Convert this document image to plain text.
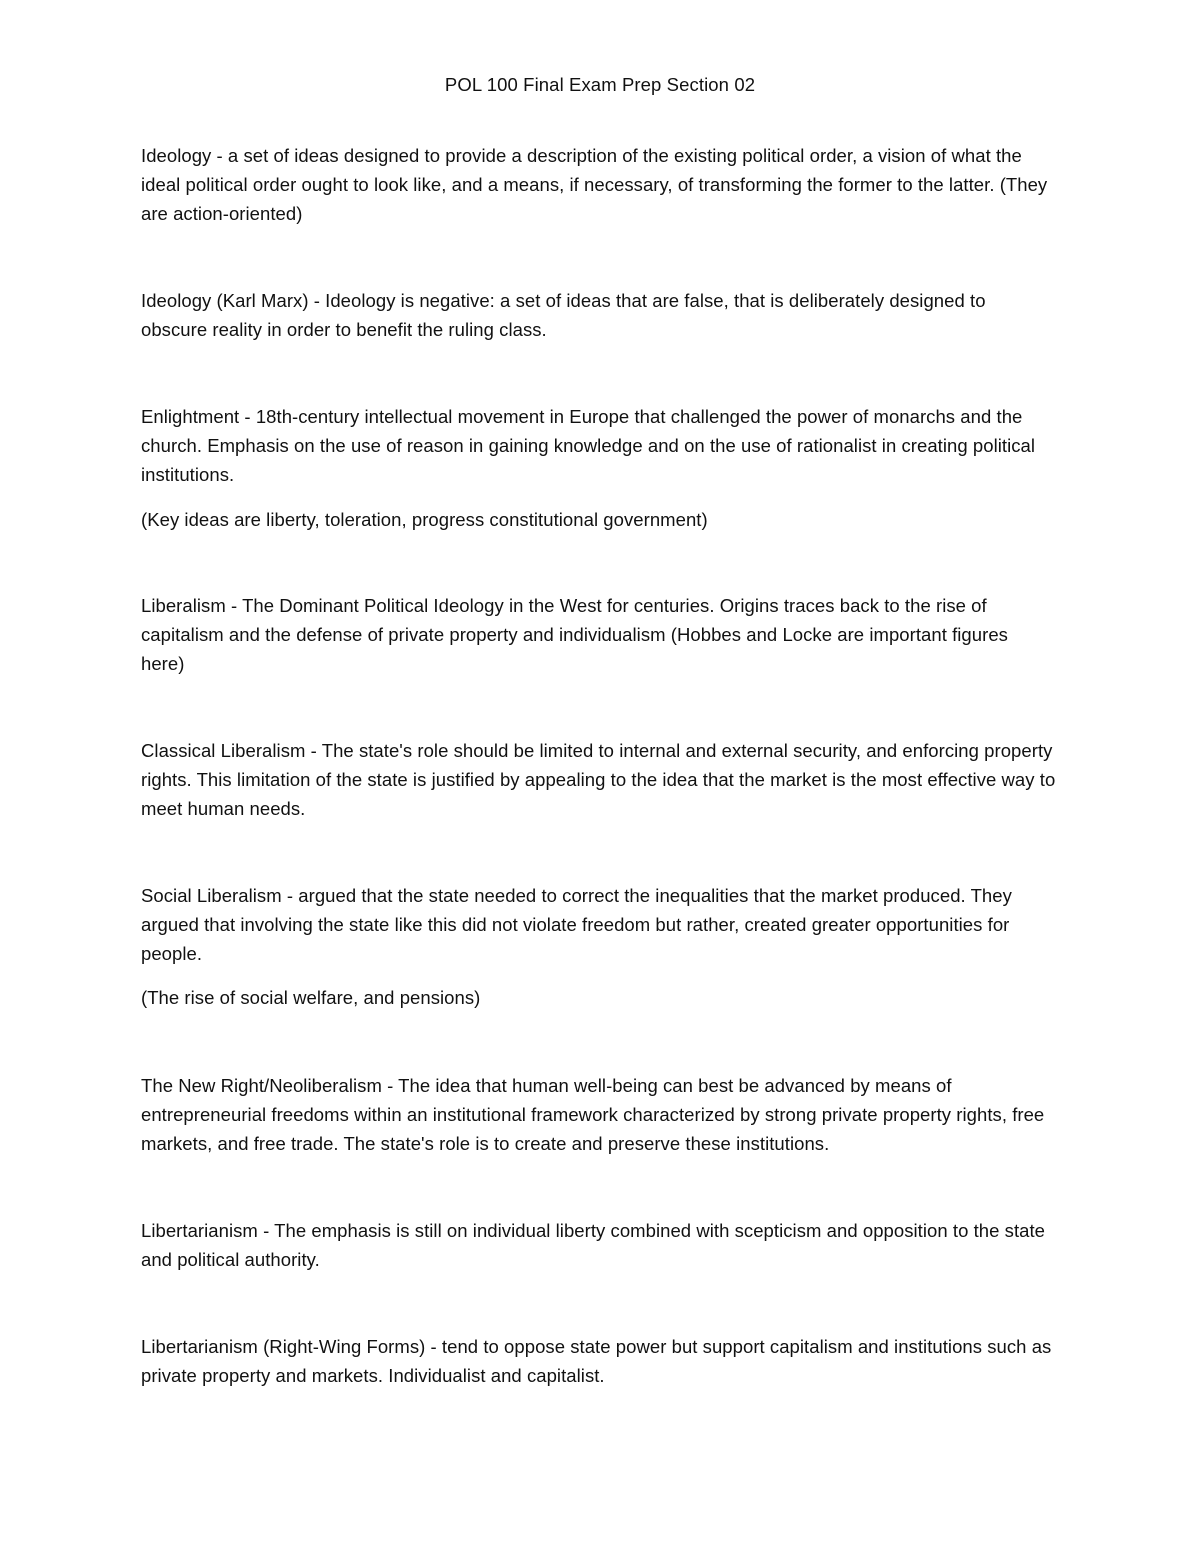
POL 100 Final Exam Prep Section 02

Ideology - a set of ideas designed to provide a description of the existing political order, a vision of what the ideal political order ought to look like, and a means, if necessary, of transforming the former to the latter. (They are action-oriented)

Ideology (Karl Marx) - Ideology is negative: a set of ideas that are false, that is deliberately designed to obscure reality in order to benefit the ruling class.

Enlightment - 18th-century intellectual movement in Europe that challenged the power of monarchs and the church. Emphasis on the use of reason in gaining knowledge and on the use of rationalist in creating political institutions.

(Key ideas are liberty, toleration, progress constitutional government)

Liberalism - The Dominant Political Ideology in the West for centuries. Origins traces back to the rise of capitalism and the defense of private property and individualism (Hobbes and Locke are important figures here)

Classical Liberalism - The state's role should be limited to internal and external security, and enforcing property rights. This limitation of the state is justified by appealing to the idea that the market is the most effective way to meet human needs.

Social Liberalism - argued that the state needed to correct the inequalities that the market produced. They argued that involving the state like this did not violate freedom but rather, created greater opportunities for people.

(The rise of social welfare, and pensions)

The New Right/Neoliberalism - The idea that human well-being can best be advanced by means of entrepreneurial freedoms within an institutional framework characterized by strong private property rights, free markets, and free trade. The state's role is to create and preserve these institutions.

Libertarianism - The emphasis is still on individual liberty combined with scepticism and opposition to the state and political authority.

Libertarianism (Right-Wing Forms) - tend to oppose state power but support capitalism and institutions such as private property and markets. Individualist and capitalist.
